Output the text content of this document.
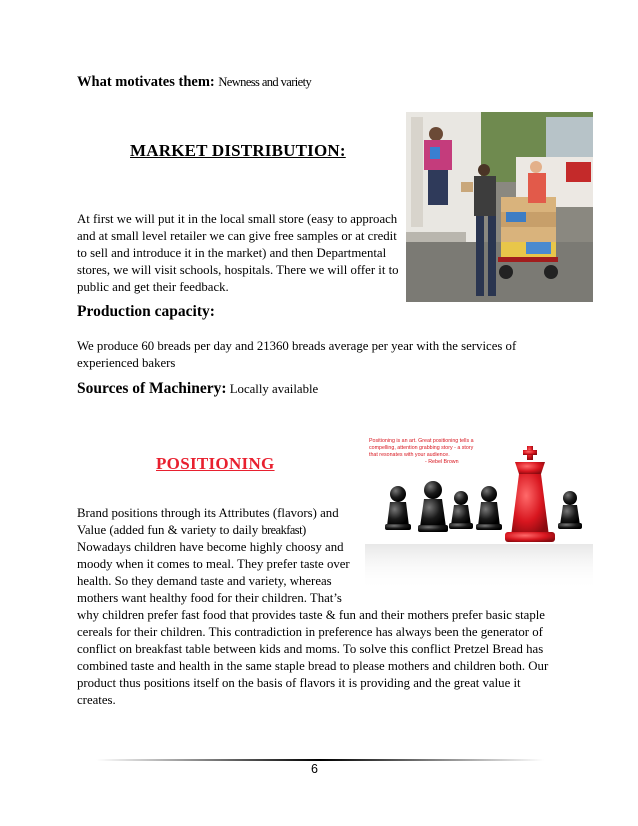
What motivates them: Newness and variety
MARKET DISTRIBUTION:
At first we will put it in the local small store (easy to approach and at small level retailer we can give free samples or at credit to sell and introduce it in the market) and then Departmental stores, we will visit schools, hospitals. There we will offer it to public and get their feedback.
Production capacity:
We produce 60 breads per day and 21360 breads average per year with the services of experienced bakers
Sources of Machinery: Locally available
POSITIONING
Brand positions through its Attributes (flavors) and
Value (added fun & variety to daily breakfast)
Nowadays children have become highly choosy and moody when it comes to meal. They prefer taste over health. So they demand taste and variety, whereas mothers want healthy food for their children. That’s
why children prefer fast food that provides taste & fun and their mothers prefer basic staple cereals for their children. This contradiction in preference has always been the generator of conflict on breakfast table between kids and moms. To solve this conflict Pretzel Bread has combined taste and health in the same staple bread to please mothers and children both. Our product thus positions itself on the basis of flavors it is providing and the great value it creates.
Positioning is an art. Great positioning tells a
compelling, attention grabbing story - a story
that resonates with your audience.
- Rebel Brown
6
